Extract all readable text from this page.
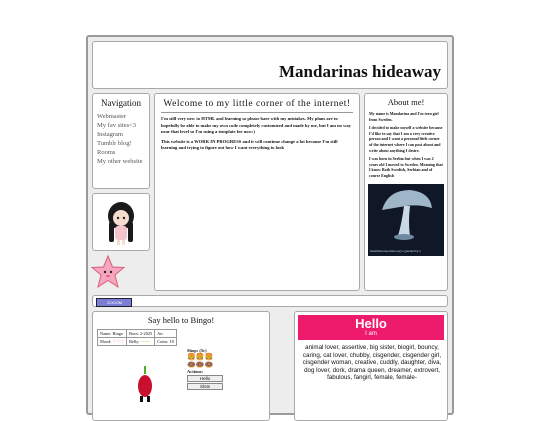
Mandarinas hideaway
Navigation
Webmaster
My fav sites<3
Instagram
Tumblr blog!
Rooms
My other website
Welcome to my little corner of the internet!

I'm still very new to HTML and learning so please bare with my mistakes. My plans are to hopefully be able to make my own code completely customized and made by me, but I am no way near that level so I'm using a template for now:)

This website is a WORK IN PROGRESS and it will continue change a lot because I'm still learning and trying to figure out how I want everything to look

About me!

My name is Mandarina and I'm teen girl from Sweden.

I decided to make myself a website because I'd like to say that I am a very creative person and I want a personal little corner of the internet where I can post about and write about anything I desire.

I was born in Serbia but when I was 2 years old I moved to Sweden. Meaning that I know Both Swedish, Serbian and of course English

mandarina.neocities.org is guarded by a
ZOOOM
Say hello to Bingo!
Name: Bingo	Born: 2-2025	Air
Mood: ♡♡♡	Belly: ~~~~	Coins: 18
Shop: (5c)
🍔🍔🍔
🍩🍩🍩
Actions:
Hello
Slots
Hello
I am
animal lover, assertive, big sister, biogirl, bouncy, caring, cat lover, chubby, cisgender, cisgender girl, cisgender woman, creative, cuddly, daughter, diva, dog lover, dork, drama queen, dreamer, extrovert, fabulous, fangirl, female, female-
